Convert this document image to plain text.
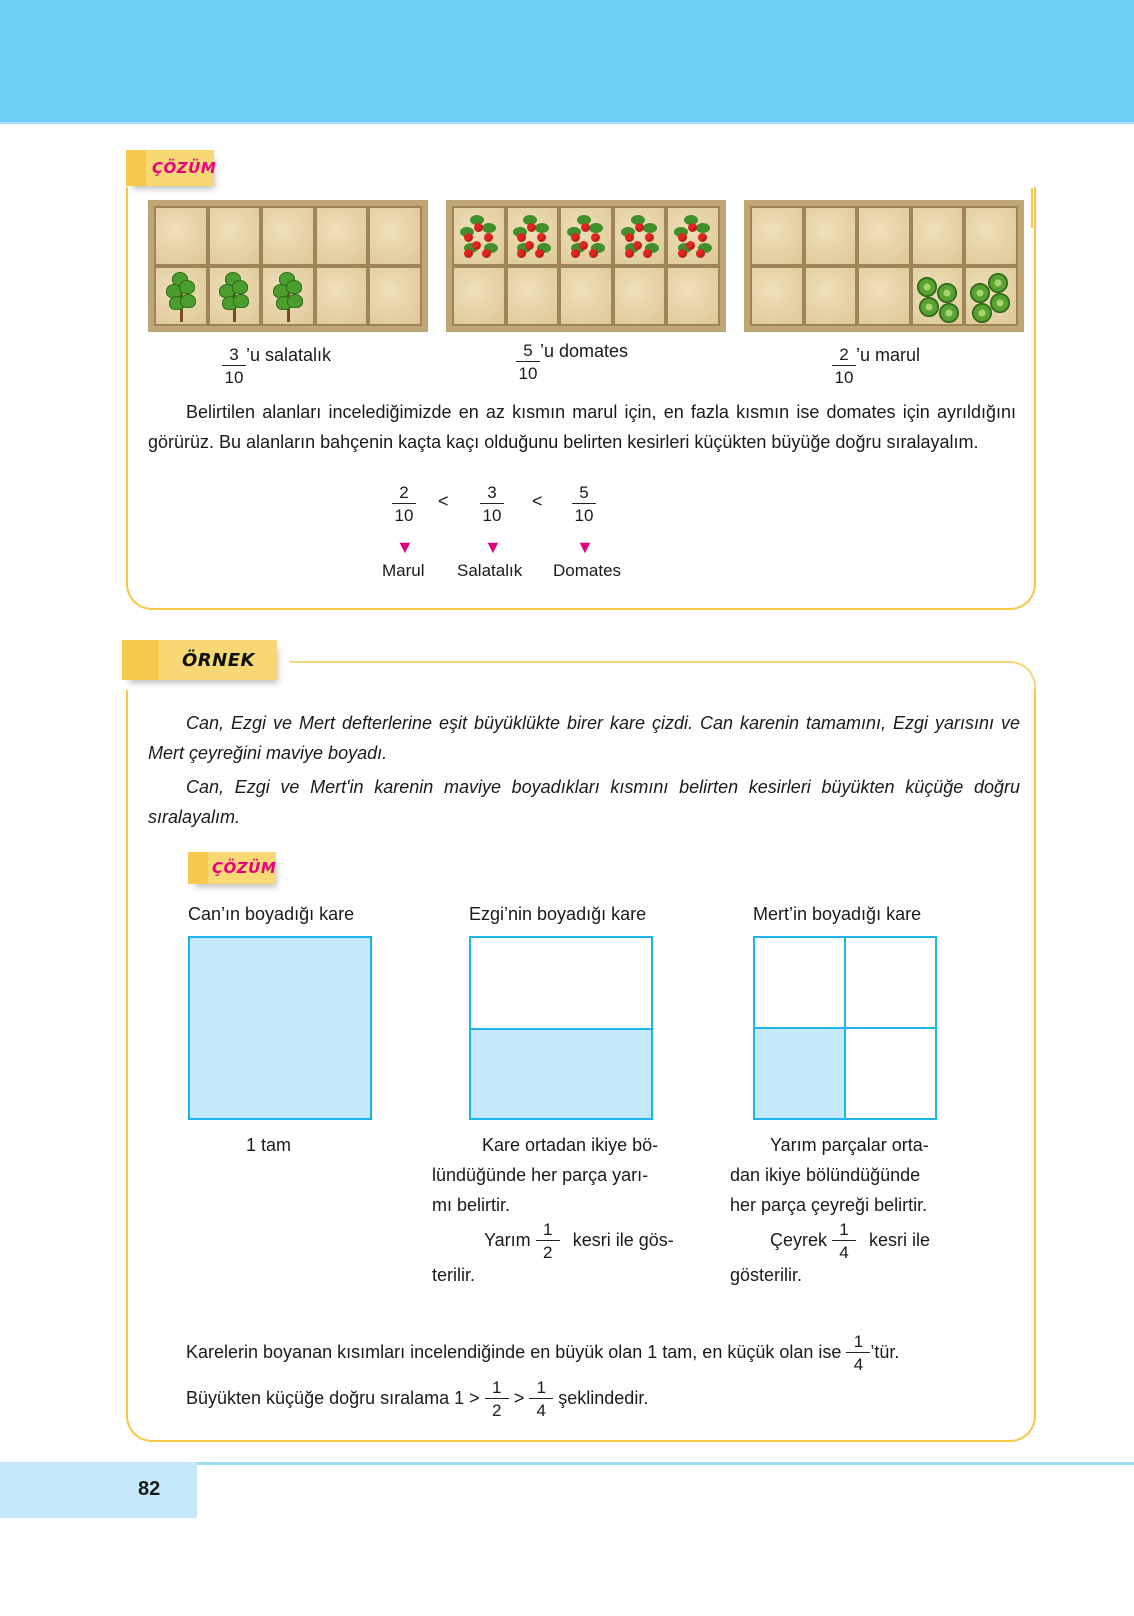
ÇÖZÜM
$\frac{3}{10}$ ’u salatalık	$\frac{5}{10}$ ’u domates	$\frac{2}{10}$ ’u marul
Belirtilen alanları incelediğimizde en az kısmın marul için, en fazla kısmın ise domates için ayrıldığını görürüz. Bu alanların bahçenin kaçta kaçı olduğunu belirten kesirleri küçükten büyüğe doğru sıralayalım.
$\frac{2}{10} < \frac{3}{10} < \frac{5}{10}$
▼	▼	▼
Marul Salatalık Domates
ÖRNEK
Can, Ezgi ve Mert defterlerine eşit büyüklükte birer kare çizdi. Can karenin tamamını, Ezgi yarısını ve Mert çeyreğini maviye boyadı.
Can, Ezgi ve Mert'in karenin maviye boyadıkları kısmını belirten kesirleri büyükten küçüğe doğru sıralayalım.
ÇÖZÜM
Can’ın boyadığı kare	Ezgi’nin boyadığı kare	Mert’in boyadığı kare
1 tam	Kare ortadan ikiye bö-
lündüğünde her parça yarı-
mı belirtir.
Yarım $\frac{1}{2}$ kesri ile gös-
terilir.
Yarım parçalar orta-
dan ikiye bölündüğünde
her parça çeyreği belirtir.
Çeyrek $\frac{1}{4}$ kesri ile
gösterilir.
Karelerin boyanan kısımları incelendiğinde en büyük olan 1 tam, en küçük olan ise $\frac{1}{4}$ ’tür.
Büyükten küçüğe doğru sıralama $1 > \frac{1}{2} > \frac{1}{4}$ şeklindedir.
82
